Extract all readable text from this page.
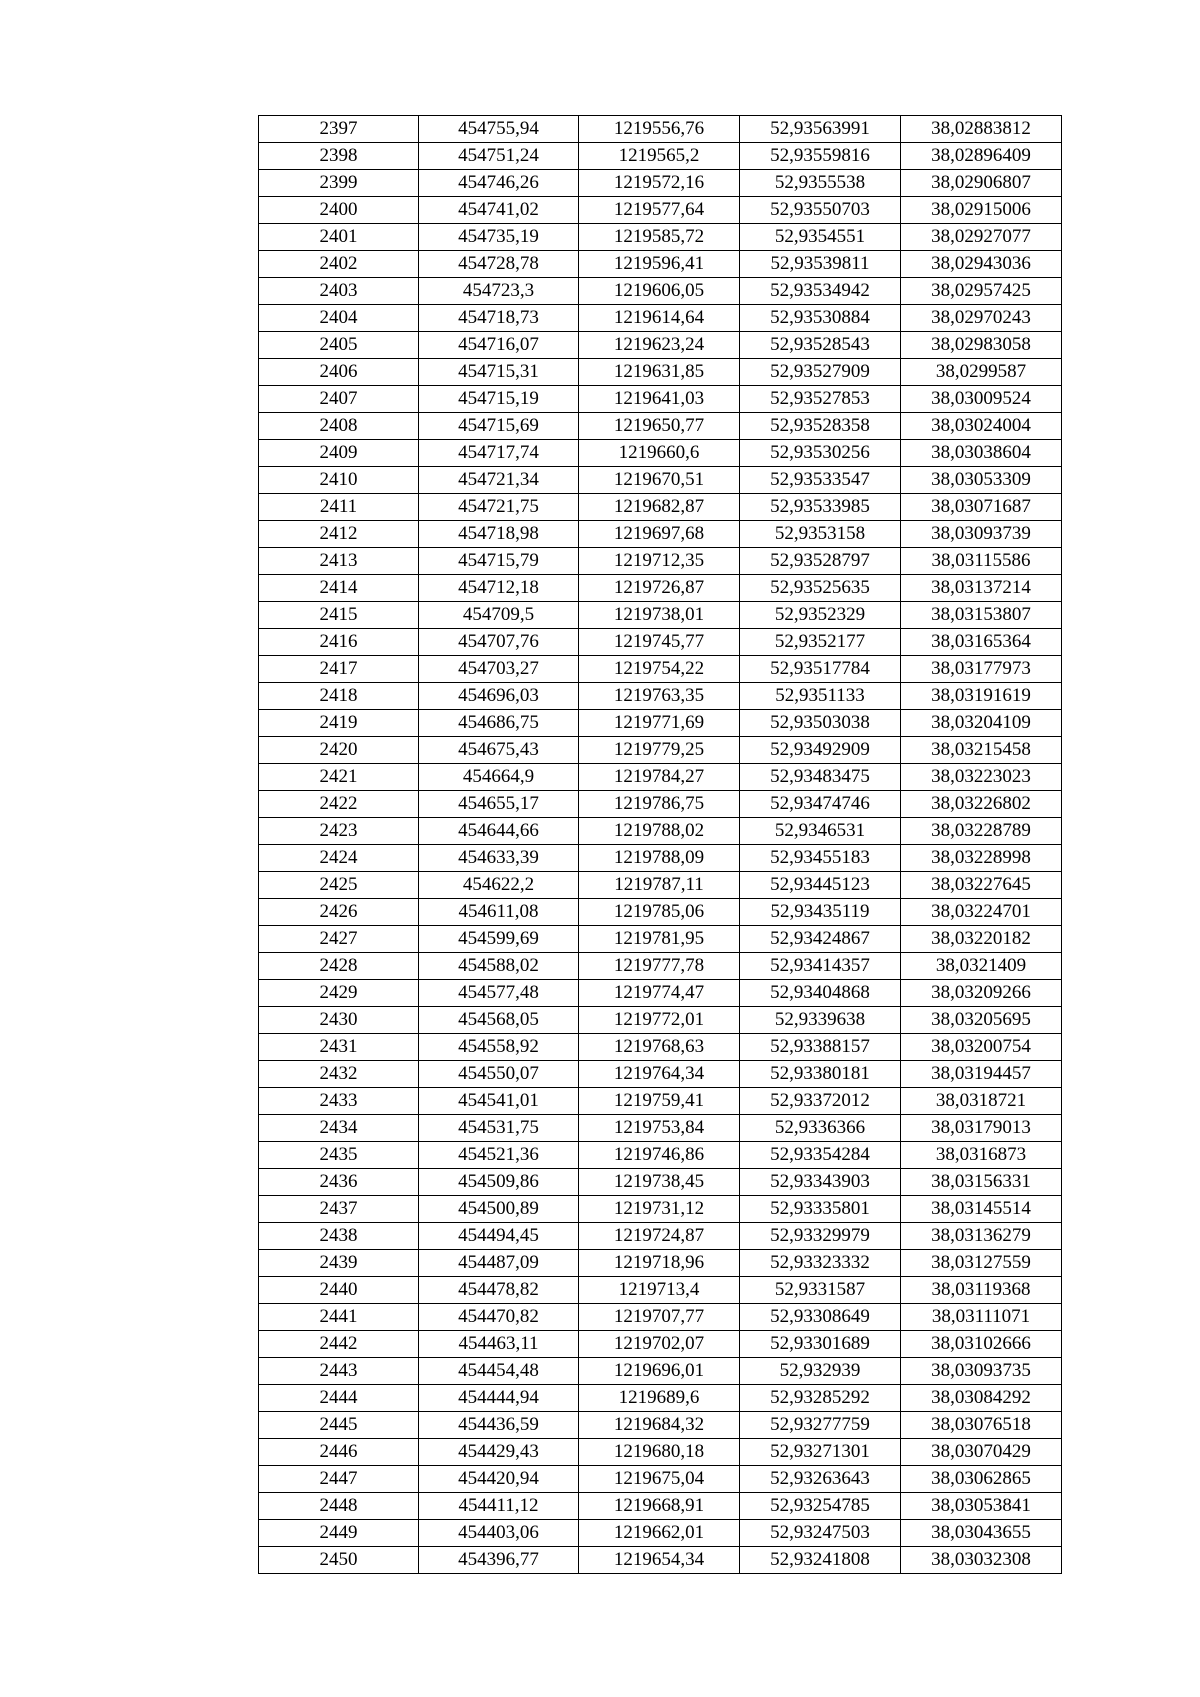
2397	454755,94	1219556,76	52,93563991	38,02883812
2398	454751,24	1219565,2	52,93559816	38,02896409
2399	454746,26	1219572,16	52,9355538	38,02906807
2400	454741,02	1219577,64	52,93550703	38,02915006
2401	454735,19	1219585,72	52,9354551	38,02927077
2402	454728,78	1219596,41	52,93539811	38,02943036
2403	454723,3	1219606,05	52,93534942	38,02957425
2404	454718,73	1219614,64	52,93530884	38,02970243
2405	454716,07	1219623,24	52,93528543	38,02983058
2406	454715,31	1219631,85	52,93527909	38,0299587
2407	454715,19	1219641,03	52,93527853	38,03009524
2408	454715,69	1219650,77	52,93528358	38,03024004
2409	454717,74	1219660,6	52,93530256	38,03038604
2410	454721,34	1219670,51	52,93533547	38,03053309
2411	454721,75	1219682,87	52,93533985	38,03071687
2412	454718,98	1219697,68	52,9353158	38,03093739
2413	454715,79	1219712,35	52,93528797	38,03115586
2414	454712,18	1219726,87	52,93525635	38,03137214
2415	454709,5	1219738,01	52,9352329	38,03153807
2416	454707,76	1219745,77	52,9352177	38,03165364
2417	454703,27	1219754,22	52,93517784	38,03177973
2418	454696,03	1219763,35	52,9351133	38,03191619
2419	454686,75	1219771,69	52,93503038	38,03204109
2420	454675,43	1219779,25	52,93492909	38,03215458
2421	454664,9	1219784,27	52,93483475	38,03223023
2422	454655,17	1219786,75	52,93474746	38,03226802
2423	454644,66	1219788,02	52,9346531	38,03228789
2424	454633,39	1219788,09	52,93455183	38,03228998
2425	454622,2	1219787,11	52,93445123	38,03227645
2426	454611,08	1219785,06	52,93435119	38,03224701
2427	454599,69	1219781,95	52,93424867	38,03220182
2428	454588,02	1219777,78	52,93414357	38,0321409
2429	454577,48	1219774,47	52,93404868	38,03209266
2430	454568,05	1219772,01	52,9339638	38,03205695
2431	454558,92	1219768,63	52,93388157	38,03200754
2432	454550,07	1219764,34	52,93380181	38,03194457
2433	454541,01	1219759,41	52,93372012	38,0318721
2434	454531,75	1219753,84	52,9336366	38,03179013
2435	454521,36	1219746,86	52,93354284	38,0316873
2436	454509,86	1219738,45	52,93343903	38,03156331
2437	454500,89	1219731,12	52,93335801	38,03145514
2438	454494,45	1219724,87	52,93329979	38,03136279
2439	454487,09	1219718,96	52,93323332	38,03127559
2440	454478,82	1219713,4	52,9331587	38,03119368
2441	454470,82	1219707,77	52,93308649	38,03111071
2442	454463,11	1219702,07	52,93301689	38,03102666
2443	454454,48	1219696,01	52,932939	38,03093735
2444	454444,94	1219689,6	52,93285292	38,03084292
2445	454436,59	1219684,32	52,93277759	38,03076518
2446	454429,43	1219680,18	52,93271301	38,03070429
2447	454420,94	1219675,04	52,93263643	38,03062865
2448	454411,12	1219668,91	52,93254785	38,03053841
2449	454403,06	1219662,01	52,93247503	38,03043655
2450	454396,77	1219654,34	52,93241808	38,03032308
